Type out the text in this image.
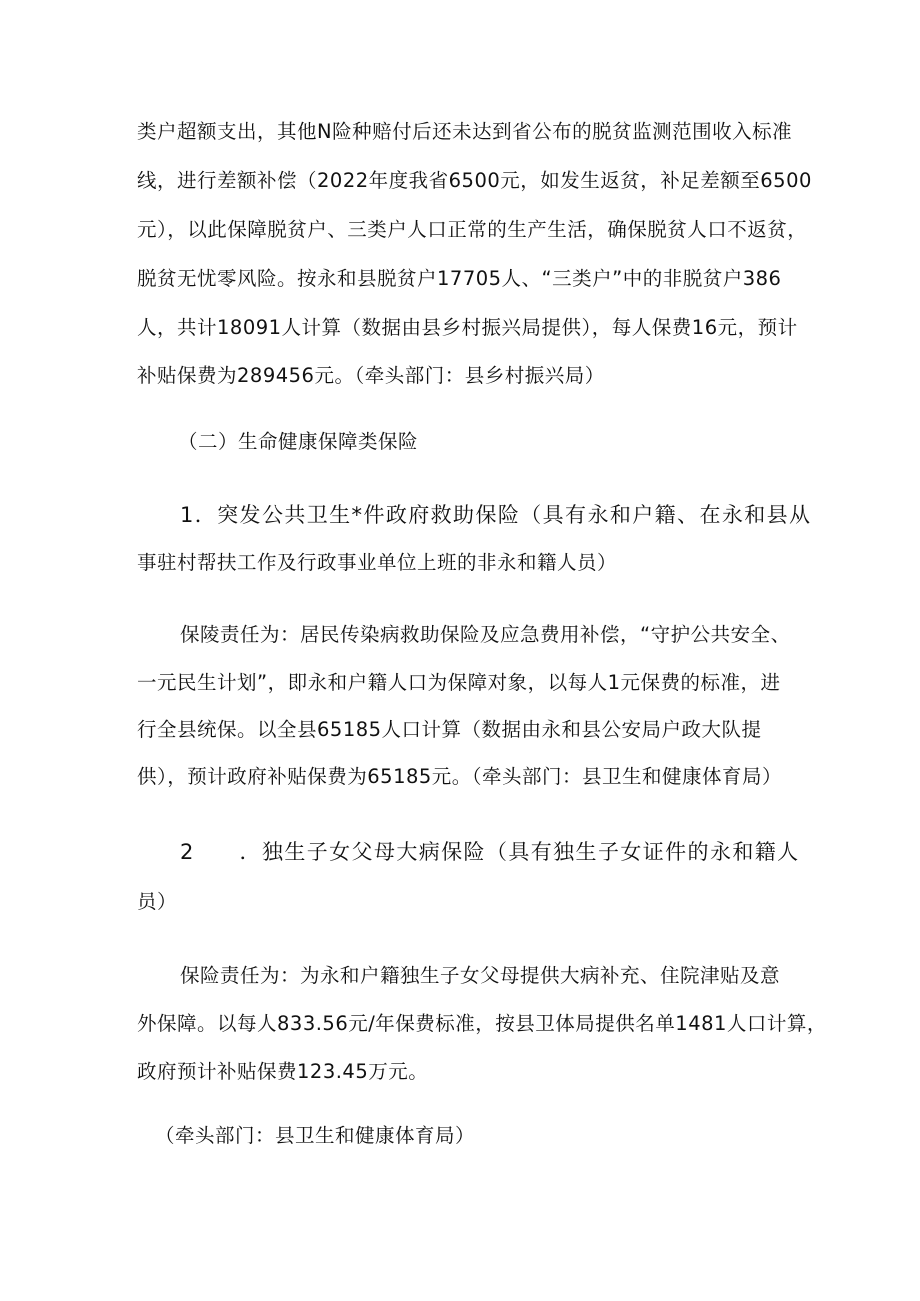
类户超额支出，其他N险种赔付后还未达到省公布的脱贫监测范围收入标准
线，进行差额补偿（2022年度我省6500元，如发生返贫，补足差额至6500
元），以此保障脱贫户、三类户人口正常的生产生活，确保脱贫人口不返贫，
脱贫无忧零风险。按永和县脱贫户17705人、“三类户”中的非脱贫户386
人，共计18091人计算（数据由县乡村振兴局提供），每人保费16元，预计
补贴保费为289456元。（牵头部门：县乡村振兴局）
（二）生命健康保障类保险
1．突发公共卫生*件政府救助保险（具有永和户籍、在永和县从
事驻村帮扶工作及行政事业单位上班的非永和籍人员）
保陵责任为：居民传染病救助保险及应急费用补偿，“守护公共安全、
一元民生计划”，即永和户籍人口为保障对象，以每人1元保费的标准，进
行全县统保。以全县65185人口计算（数据由永和县公安局户政大队提
供），预计政府补贴保费为65185元。（牵头部门：县卫生和健康体育局）
2　　．独生子女父母大病保险（具有独生子女证件的永和籍人
员）
保险责任为：为永和户籍独生子女父母提供大病补充、住院津贴及意
外保障。以每人833.56元/年保费标准，按县卫体局提供名单1481人口计算，
政府预计补贴保费123.45万元。
（牵头部门：县卫生和健康体育局）
